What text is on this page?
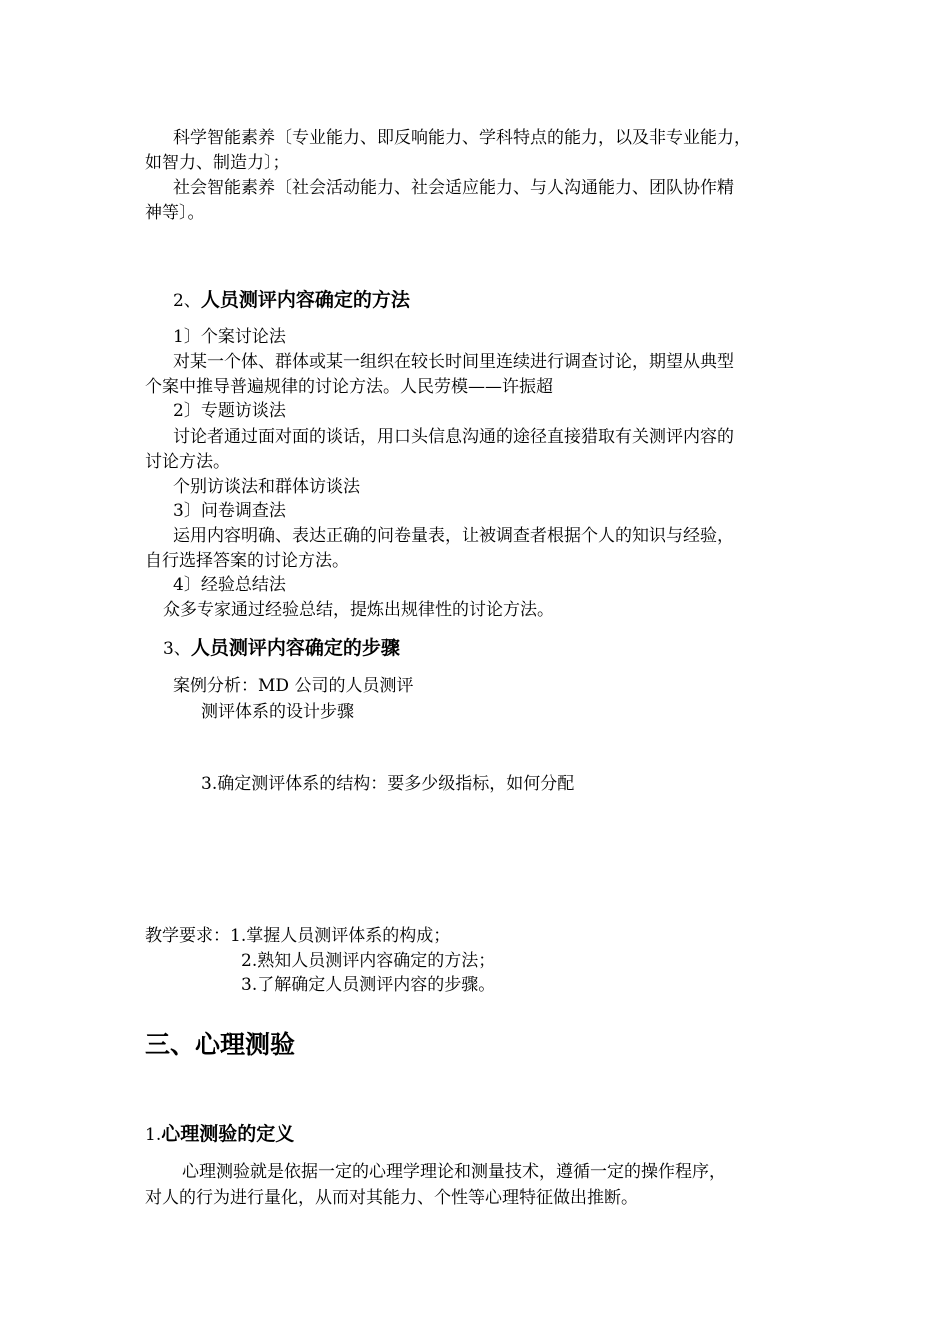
科学智能素养〔专业能力、即反响能力、学科特点的能力，以及非专业能力，
如智力、制造力〕；
社会智能素养〔社会活动能力、社会适应能力、与人沟通能力、团队协作精
神等〕。
2、人员测评内容确定的方法
1〕个案讨论法
对某一个体、群体或某一组织在较长时间里连续进行调查讨论，期望从典型
个案中推导普遍规律的讨论方法。人民劳模——许振超
2〕专题访谈法
讨论者通过面对面的谈话，用口头信息沟通的途径直接猎取有关测评内容的
讨论方法。
个别访谈法和群体访谈法
3〕问卷调查法
运用内容明确、表达正确的问卷量表，让被调查者根据个人的知识与经验，
自行选择答案的讨论方法。
4〕经验总结法
众多专家通过经验总结，提炼出规律性的讨论方法。
3、人员测评内容确定的步骤
案例分析：MD 公司的人员测评
测评体系的设计步骤
3.确定测评体系的结构：要多少级指标，如何分配
教学要求：1.掌握人员测评体系的构成；
2.熟知人员测评内容确定的方法；
3.了解确定人员测评内容的步骤。
三、心理测验
1.心理测验的定义
心理测验就是依据一定的心理学理论和测量技术，遵循一定的操作程序，
对人的行为进行量化，从而对其能力、个性等心理特征做出推断。
